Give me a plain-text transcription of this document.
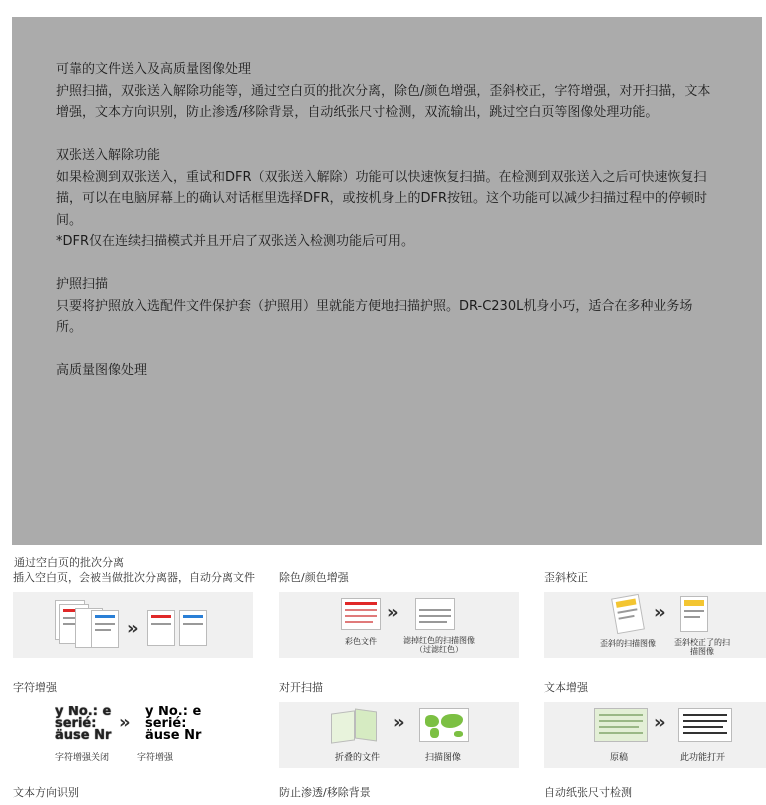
可靠的文件送入及高质量图像处理

护照扫描，双张送入解除功能等，通过空白页的批次分离，除色/颜色增强，歪斜校正，字符增强，对开扫描，文本增强，文本方向识别，防止渗透/移除背景，自动纸张尺寸检测，双流输出，跳过空白页等图像处理功能。

双张送入解除功能

如果检测到双张送入，重试和DFR（双张送入解除）功能可以快速恢复扫描。在检测到双张送入之后可快速恢复扫描，可以在电脑屏幕上的确认对话框里选择DFR，或按机身上的DFR按钮。这个功能可以减少扫描过程中的停顿时间。

*DFR仅在连续扫描模式并且开启了双张送入检测功能后可用。

护照扫描

只要将护照放入选配件文件保护套（护照用）里就能方便地扫描护照。DR-C230L机身小巧，适合在多种业务场所。

高质量图像处理

通过空白页的批次分离
插入空白页，会被当做批次分离器，自动分离文件
»
除色/颜色增强
»
彩色文件	滤掉红色的扫描图像（过滤红色）
歪斜校正
»
歪斜的扫描图像 歪斜校正了的扫描图像
字符增强
y No.: e serié: äuse Nr
»
y No.: e serié: äuse Nr
字符增强关闭	字符增强
对开扫描
»
折叠的文件	扫描图像
文本增强
»
原稿	此功能打开
文本方向识别	防止渗透/移除背景	自动纸张尺寸检测
